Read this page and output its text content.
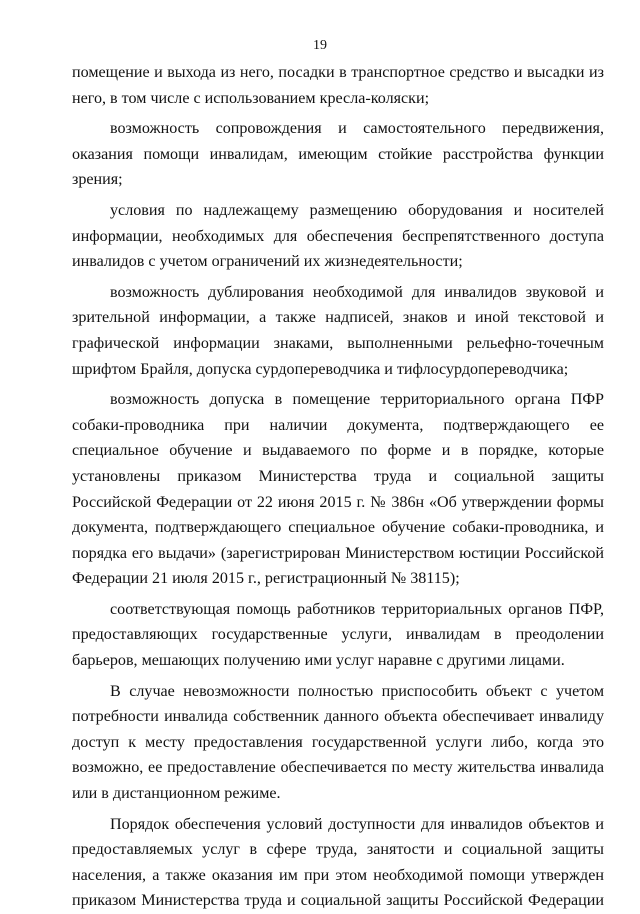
19

помещение и выхода из него, посадки в транспортное средство и высадки из него, в том числе с использованием кресла-коляски;

возможность сопровождения и самостоятельного передвижения, оказания помощи инвалидам, имеющим стойкие расстройства функции зрения;

условия по надлежащему размещению оборудования и носителей информации, необходимых для обеспечения беспрепятственного доступа инвалидов с учетом ограничений их жизнедеятельности;

возможность дублирования необходимой для инвалидов звуковой и зрительной информации, а также надписей, знаков и иной текстовой и графической информации знаками, выполненными рельефно-точечным шрифтом Брайля, допуска сурдопереводчика и тифлосурдопереводчика;

возможность допуска в помещение территориального органа ПФР собаки-проводника при наличии документа, подтверждающего ее специальное обучение и выдаваемого по форме и в порядке, которые установлены приказом Министерства труда и социальной защиты Российской Федерации от 22 июня 2015 г. № 386н «Об утверждении формы документа, подтверждающего специальное обучение собаки-проводника, и порядка его выдачи» (зарегистрирован Министерством юстиции Российской Федерации 21 июля 2015 г., регистрационный № 38115);

соответствующая помощь работников территориальных органов ПФР, предоставляющих государственные услуги, инвалидам в преодолении барьеров, мешающих получению ими услуг наравне с другими лицами.

В случае невозможности полностью приспособить объект с учетом потребности инвалида собственник данного объекта обеспечивает инвалиду доступ к месту предоставления государственной услуги либо, когда это возможно, ее предоставление обеспечивается по месту жительства инвалида или в дистанционном режиме.

Порядок обеспечения условий доступности для инвалидов объектов и предоставляемых услуг в сфере труда, занятости и социальной защиты населения, а также оказания им при этом необходимой помощи утвержден приказом Министерства труда и социальной защиты Российской Федерации
